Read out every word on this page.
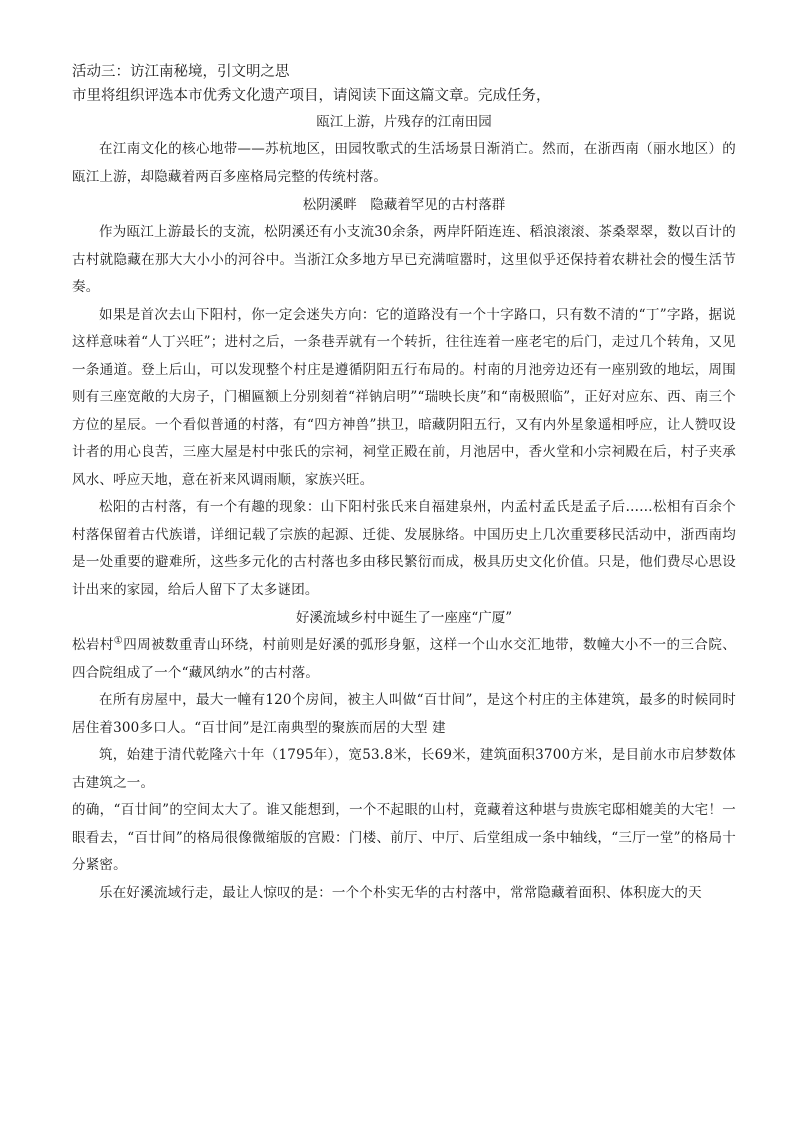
活动三：访江南秘境，引文明之思

市里将组织评选本市优秀文化遗产项目，请阅读下面这篇文章。完成任务，

瓯江上游，片残存的江南田园

在江南文化的核心地带——苏杭地区，田园牧歌式的生活场景日渐消亡。然而，在浙西南（丽水地区）的瓯江上游，却隐藏着两百多座格局完整的传统村落。

松阴溪畔　隐藏着罕见的古村落群

作为瓯江上游最长的支流，松阴溪还有小支流30余条，两岸阡陌连连、稻浪滚滚、茶桑翠翠，数以百计的古村就隐藏在那大大小小的河谷中。当浙江众多地方早已充满喧嚣时，这里似乎还保持着农耕社会的慢生活节奏。

如果是首次去山下阳村，你一定会迷失方向：它的道路没有一个十字路口，只有数不清的“丁”字路，据说这样意味着“人丁兴旺”；进村之后，一条巷弄就有一个转折，往往连着一座老宅的后门，走过几个转角，又见一条通道。登上后山，可以发现整个村庄是遵循阴阳五行布局的。村南的月池旁边还有一座别致的地坛，周围则有三座宽敞的大房子，门楣匾额上分别刻着“祥钠启明”“瑞映长庚”和“南极照临”，正好对应东、西、南三个方位的星辰。一个看似普通的村落，有“四方神兽”拱卫，暗藏阴阳五行，又有内外星象遥相呼应，让人赞叹设计者的用心良苦，三座大屋是村中张氏的宗祠，祠堂正殿在前，月池居中，香火堂和小宗祠殿在后，村子夹承风水、呼应天地，意在祈来风调雨顺，家族兴旺。

松阳的古村落，有一个有趣的现象：山下阳村张氏来自福建泉州，内孟村孟氏是孟子后……松相有百余个村落保留着古代族谱，详细记载了宗族的起源、迁徙、发展脉络。中国历史上几次重要移民活动中，浙西南均是一处重要的避难所，这些多元化的古村落也多由移民繁衍而成，极具历史文化价值。只是，他们费尽心思设计出来的家园，给后人留下了太多谜团。

好溪流域乡村中诞生了一座座“广厦”

松岩村①四周被数重青山环绕，村前则是好溪的弧形身躯，这样一个山水交汇地带，数幢大小不一的三合院、四合院组成了一个“藏风纳水”的古村落。

在所有房屋中，最大一幢有120个房间，被主人叫做“百廿间”，是这个村庄的主体建筑，最多的时候同时居住着300多口人。“百廿间”是江南典型的聚族而居的大型 建

筑，始建于清代乾隆六十年（1795年），宽53.8米，长69米，建筑面积3700方米，是目前水市启梦数体古建筑之一。

的确，“百廿间”的空间太大了。谁又能想到，一个不起眼的山村，竟藏着这种堪与贵族宅邸相媲美的大宅！一眼看去，“百廿间”的格局很像微缩版的宫殿：门楼、前厅、中厅、后堂组成一条中轴线，“三厅一堂”的格局十分紧密。

乐在好溪流域行走，最让人惊叹的是：一个个朴实无华的古村落中，常常隐藏着面积、体积庞大的天
